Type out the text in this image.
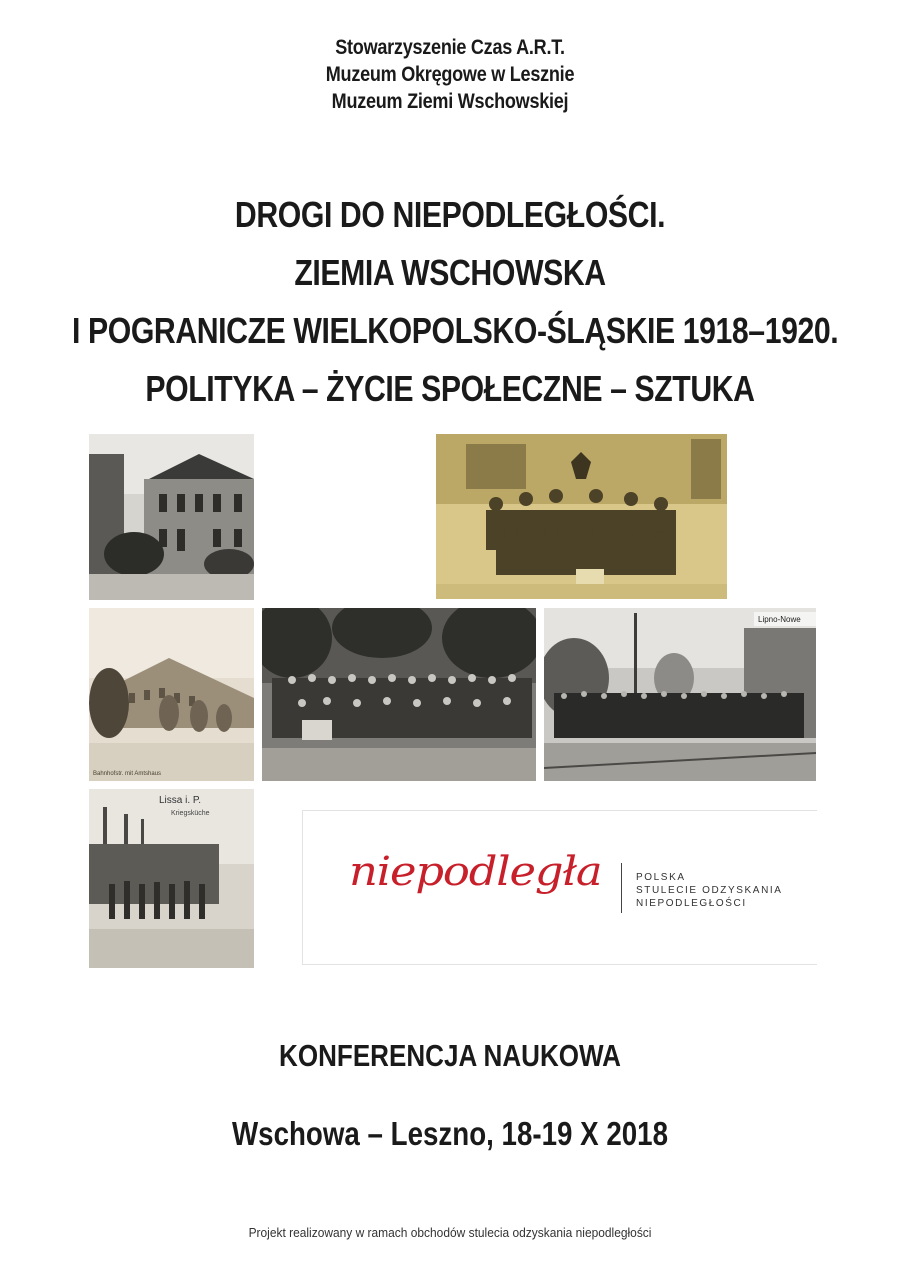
Stowarzyszenie Czas A.R.T.
Muzeum Okręgowe w Lesznie
Muzeum Ziemi Wschowskiej
DROGI DO NIEPODLEGŁOŚCI.
ZIEMIA WSCHOWSKA
I POGRANICZE WIELKOPOLSKO-ŚLĄSKIE 1918–1920.
POLITYKA – ŻYCIE SPOŁECZNE – SZTUKA
Bahnhofstr. mit Amtshaus
Lipno-Nowe
Lissa i. P.
Kriegsküche
niepodległa	POLSKA
STULECIE ODZYSKANIA
NIEPODLEGŁOŚCI
KONFERENCJA NAUKOWA
Wschowa – Leszno, 18-19 X 2018
Projekt realizowany w ramach obchodów stulecia odzyskania niepodległości
